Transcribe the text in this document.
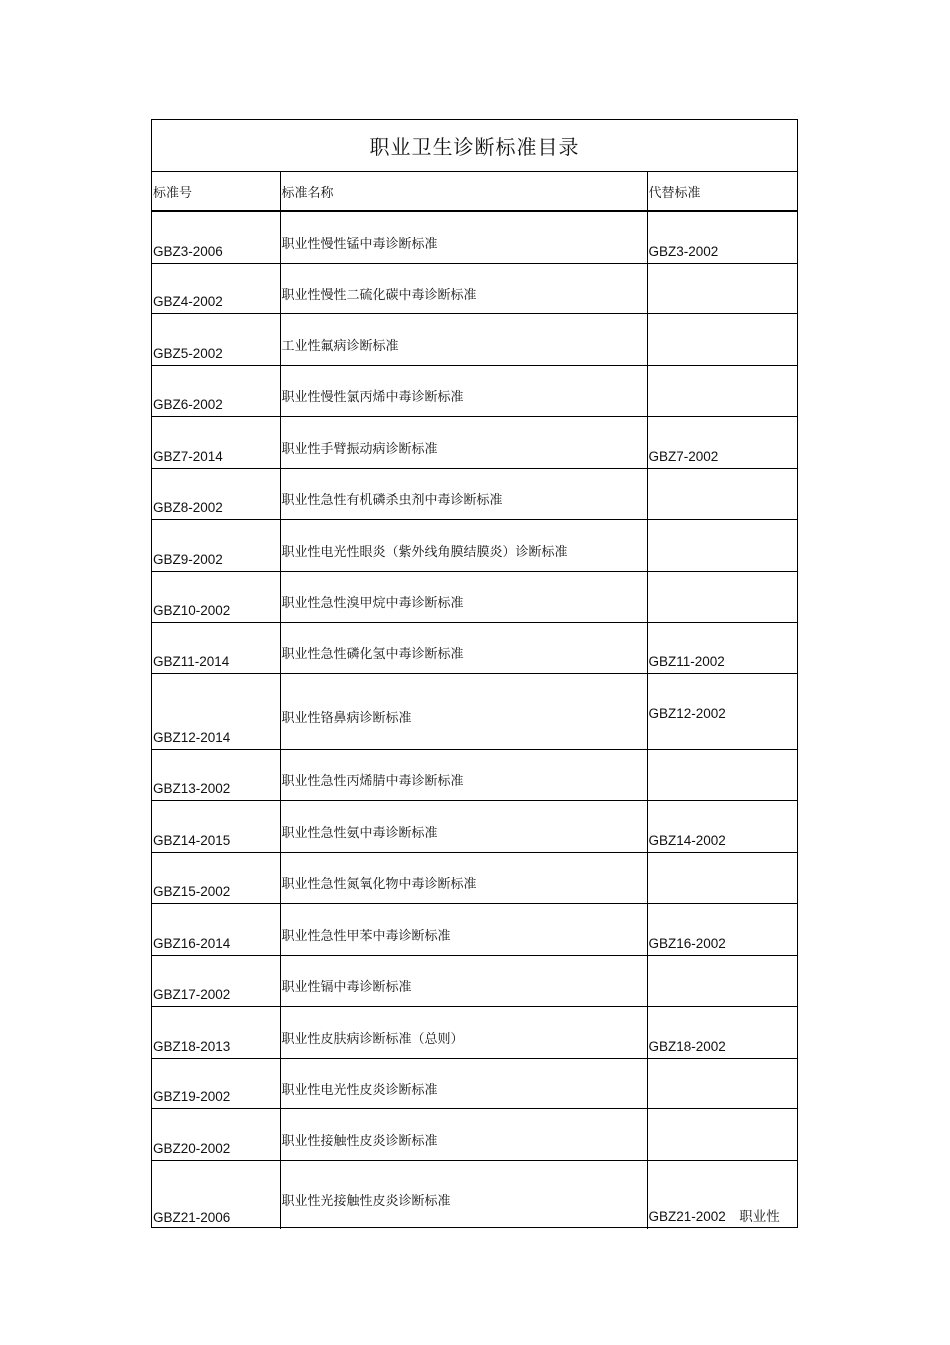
职业卫生诊断标准目录
标准号	标准名称	代替标准
GBZ3-2006	职业性慢性锰中毒诊断标准	GBZ3-2002
GBZ4-2002	职业性慢性二硫化碳中毒诊断标准	
GBZ5-2002	工业性氟病诊断标准	
GBZ6-2002	职业性慢性氯丙烯中毒诊断标准	
GBZ7-2014	职业性手臂振动病诊断标准	GBZ7-2002
GBZ8-2002	职业性急性有机磷杀虫剂中毒诊断标准	
GBZ9-2002	职业性电光性眼炎（紫外线角膜结膜炎）诊断标准	
GBZ10-2002	职业性急性溴甲烷中毒诊断标准	
GBZ11-2014	职业性急性磷化氢中毒诊断标准	GBZ11-2002
GBZ12-2014	职业性铬鼻病诊断标准	GBZ12-2002
GBZ13-2002	职业性急性丙烯腈中毒诊断标准	
GBZ14-2015	职业性急性氨中毒诊断标准	GBZ14-2002
GBZ15-2002	职业性急性氮氧化物中毒诊断标准	
GBZ16-2014	职业性急性甲苯中毒诊断标准	GBZ16-2002
GBZ17-2002	职业性镉中毒诊断标准	
GBZ18-2013	职业性皮肤病诊断标准（总则）	GBZ18-2002
GBZ19-2002	职业性电光性皮炎诊断标准	
GBZ20-2002	职业性接触性皮炎诊断标准	
GBZ21-2006	职业性光接触性皮炎诊断标准	GBZ21-2002　职业性
